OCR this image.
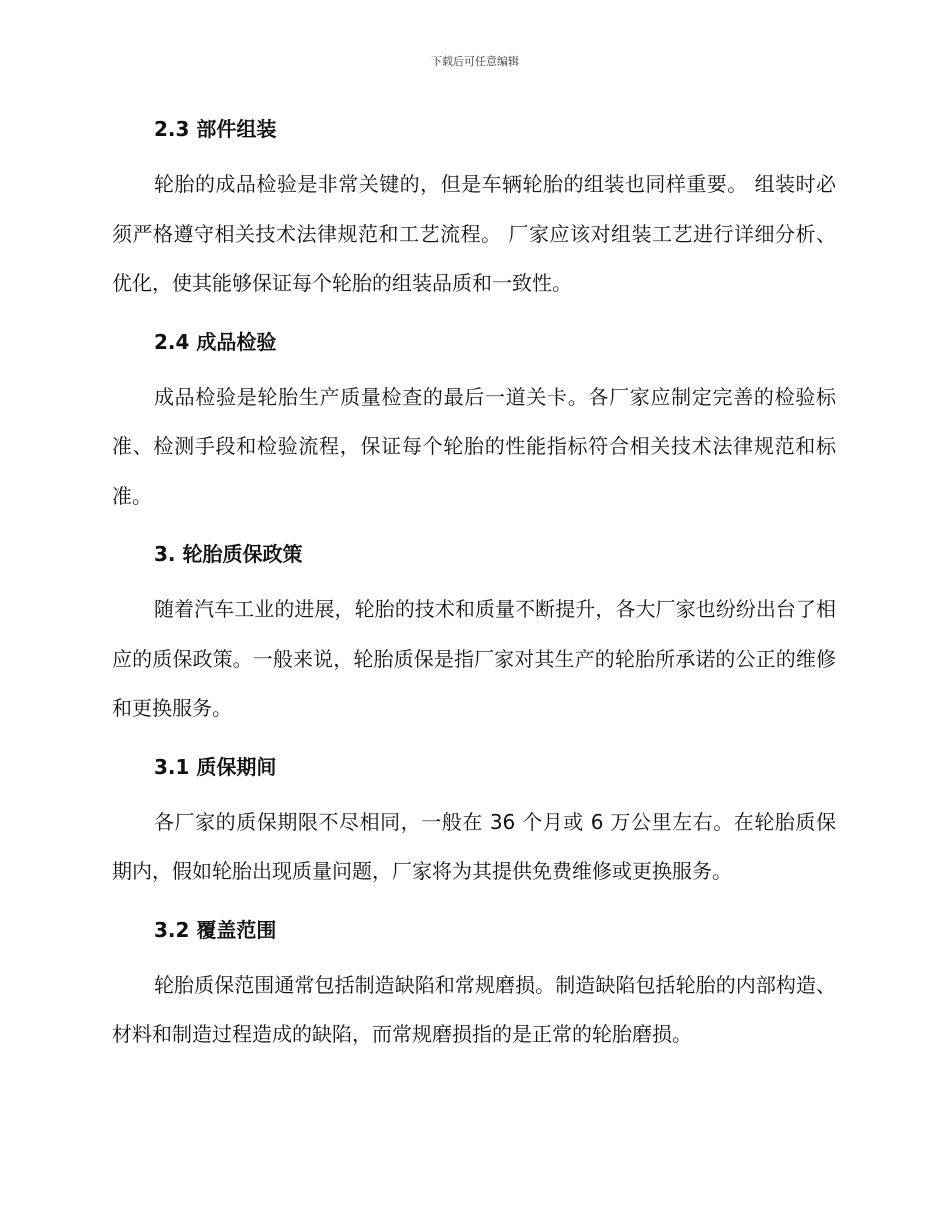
下载后可任意编辑
2.3 部件组装

轮胎的成品检验是非常关键的，但是车辆轮胎的组装也同样重要。 组装时必须严格遵守相关技术法律规范和工艺流程。 厂家应该对组装工艺进行详细分析、优化，使其能够保证每个轮胎的组装品质和一致性。

2.4 成品检验

成品检验是轮胎生产质量检查的最后一道关卡。各厂家应制定完善的检验标准、检测手段和检验流程，保证每个轮胎的性能指标符合相关技术法律规范和标准。

3. 轮胎质保政策

随着汽车工业的进展，轮胎的技术和质量不断提升，各大厂家也纷纷出台了相应的质保政策。一般来说，轮胎质保是指厂家对其生产的轮胎所承诺的公正的维修和更换服务。

3.1 质保期间

各厂家的质保期限不尽相同，一般在 36 个月或 6 万公里左右。在轮胎质保期内，假如轮胎出现质量问题，厂家将为其提供免费维修或更换服务。

3.2 覆盖范围

轮胎质保范围通常包括制造缺陷和常规磨损。制造缺陷包括轮胎的内部构造、材料和制造过程造成的缺陷，而常规磨损指的是正常的轮胎磨损。
